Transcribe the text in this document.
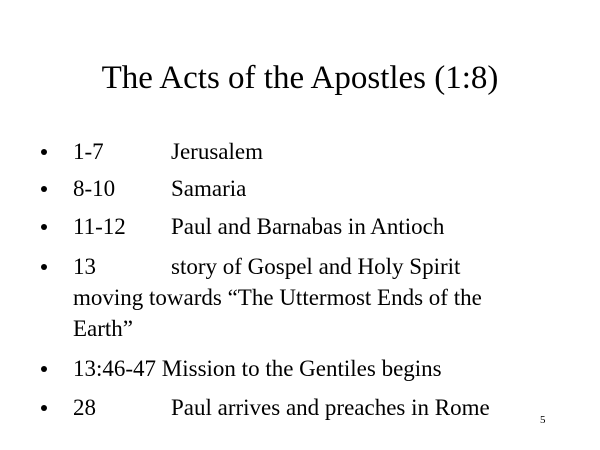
The Acts of the Apostles (1:8)
1-7	Jerusalem
8-10 Samaria
11-12 Paul and Barnabas in Antioch
13	story of Gospel and Holy Spirit
moving towards “The Uttermost Ends of the
Earth”
13:46-47 Mission to the Gentiles begins
28	Paul arrives and preaches in Rome	5
